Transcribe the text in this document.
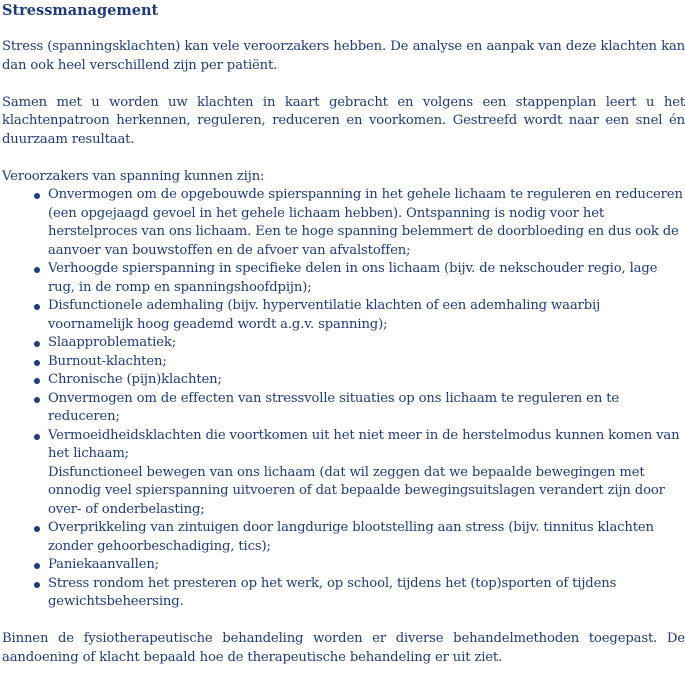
Stressmanagement

Stress (spanningsklachten) kan vele veroorzakers hebben. De analyse en aanpak van deze klachten kan dan ook heel verschillend zijn per patiënt.

Samen met u worden uw klachten in kaart gebracht en volgens een stappenplan leert u het klachtenpatroon herkennen, reguleren, reduceren en voorkomen. Gestreefd wordt naar een snel én duurzaam resultaat.

Veroorzakers van spanning kunnen zijn:

Onvermogen om de opgebouwde spierspanning in het gehele lichaam te reguleren en reduceren (een opgejaagd gevoel in het gehele lichaam hebben). Ontspanning is nodig voor het herstelproces van ons lichaam. Een te hoge spanning belemmert de doorbloeding en dus ook de aanvoer van bouwstoffen en de afvoer van afvalstoffen;
Verhoogde spierspanning in specifieke delen in ons lichaam (bijv. de nekschouder regio, lage rug, in de romp en spanningshoofdpijn);
Disfunctionele ademhaling (bijv. hyperventilatie klachten of een ademhaling waarbij voornamelijk hoog geademd wordt a.g.v. spanning);
Slaapproblematiek;
Burnout-klachten;
Chronische (pijn)klachten;
Onvermogen om de effecten van stressvolle situaties op ons lichaam te reguleren en te reduceren;
Vermoeidheidsklachten die voortkomen uit het niet meer in de herstelmodus kunnen komen van het lichaam;
Disfunctioneel bewegen van ons lichaam (dat wil zeggen dat we bepaalde bewegingen met onnodig veel spierspanning uitvoeren of dat bepaalde bewegingsuitslagen verandert zijn door over- of onderbelasting;
Overprikkeling van zintuigen door langdurige blootstelling aan stress (bijv. tinnitus klachten zonder gehoorbeschadiging, tics);
Paniekaanvallen;
Stress rondom het presteren op het werk, op school, tijdens het (top)sporten of tijdens gewichtsbeheersing.

Binnen de fysiotherapeutische behandeling worden er diverse behandelmethoden toegepast. De aandoening of klacht bepaald hoe de therapeutische behandeling er uit ziet.
